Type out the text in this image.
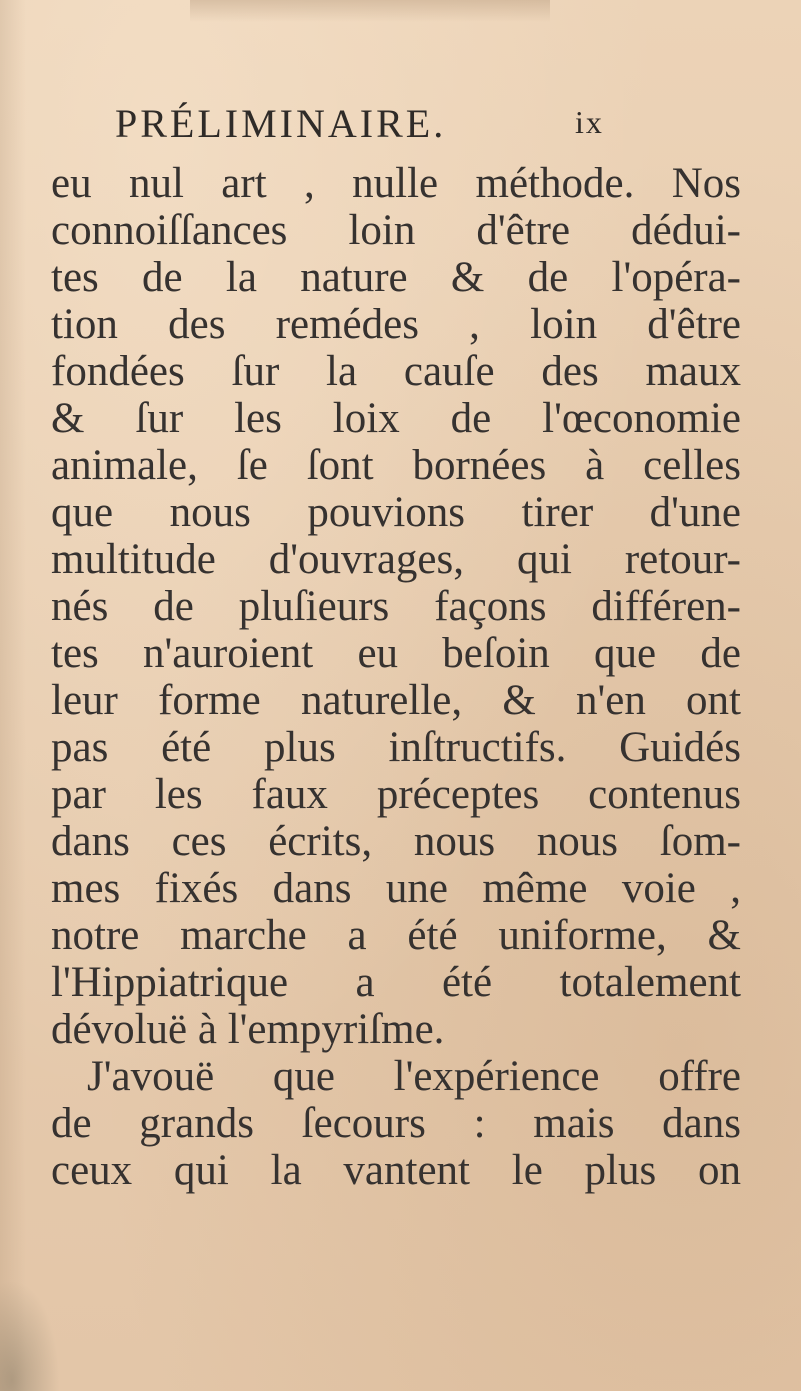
PRÉLIMINAIRE.	ix
eu nul art , nulle méthode. Nos
connoiſſances loin d'être dédui-
tes de la nature & de l'opéra-
tion des remédes , loin d'être
fondées ſur la cauſe des maux
& ſur les loix de l'œconomie
animale, ſe ſont bornées à celles
que nous pouvions tirer d'une
multitude d'ouvrages, qui retour-
nés de pluſieurs façons différen-
tes n'auroient eu beſoin que de
leur forme naturelle, & n'en ont
pas été plus inſtructifs. Guidés
par les faux préceptes contenus
dans ces écrits, nous nous ſom-
mes fixés dans une même voie ,
notre marche a été uniforme, &
l'Hippiatrique a été totalement
dévoluë à l'empyriſme.
J'avouë que l'expérience offre
de grands ſecours : mais dans
ceux qui la vantent le plus on
